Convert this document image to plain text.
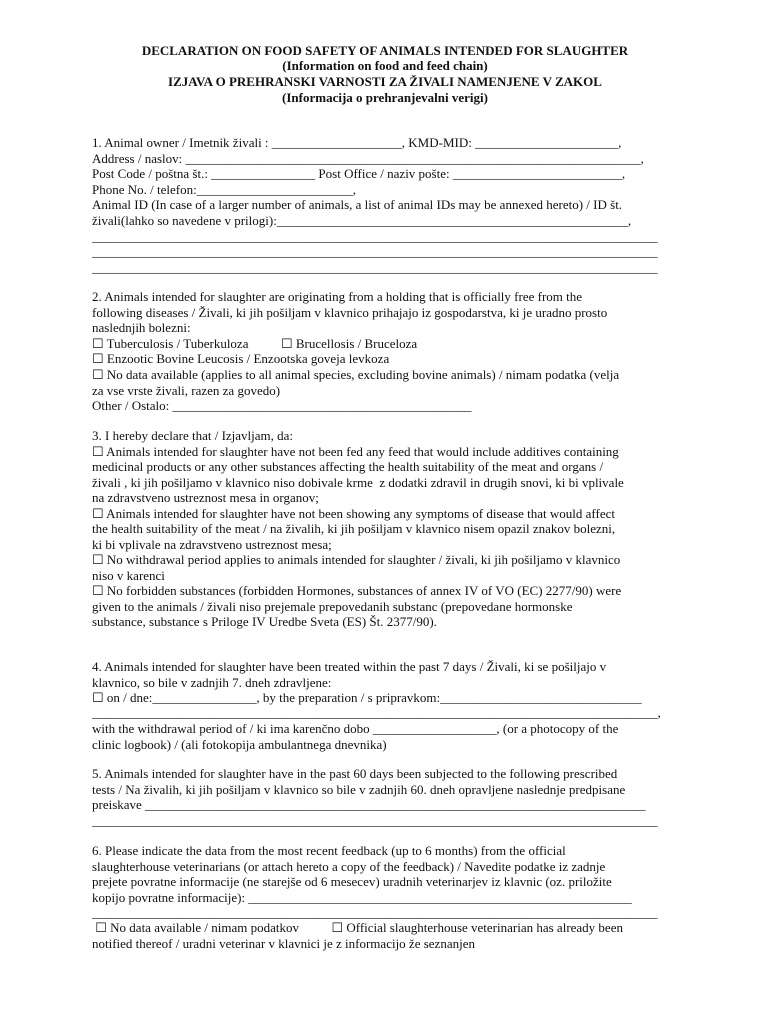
DECLARATION ON FOOD SAFETY OF ANIMALS INTENDED FOR SLAUGHTER

(Information on food and feed chain)

IZJAVA O PREHRANSKI VARNOSTI ZA ŽIVALI NAMENJENE V ZAKOL

(Informacija o prehranjevalni verigi)

1. Animal owner / Imetnik živali : ____________________, KMD-MID: ______________________,

Address / naslov: ______________________________________________________________________,

Post Code / poštna št.: ________________ Post Office / naziv pošte: __________________________,

Phone No. / telefon:________________________,

Animal ID (In case of a larger number of animals, a list of animal IDs may be annexed hereto) / ID št.

živali(lahko so navedene v prilogi):______________________________________________________,

_______________________________________________________________________________________

_______________________________________________________________________________________

_______________________________________________________________________________________

2. Animals intended for slaughter are originating from a holding that is officially free from the

following diseases / Živali, ki jih pošiljam v klavnico prihajajo iz gospodarstva, ki je uradno prosto

naslednjih bolezni:

☐ Tuberculosis / Tuberkuloza          ☐ Brucellosis / Bruceloza

☐ Enzootic Bovine Leucosis / Enzootska goveja levkoza

☐ No data available (applies to all animal species, excluding bovine animals) / nimam podatka (velja

za vse vrste živali, razen za govedo)

Other / Ostalo: ______________________________________________

3. I hereby declare that / Izjavljam, da:

☐ Animals intended for slaughter have not been fed any feed that would include additives containing

medicinal products or any other substances affecting the health suitability of the meat and organs /

živali , ki jih pošiljamo v klavnico niso dobivale krme  z dodatki zdravil in drugih snovi, ki bi vplivale

na zdravstveno ustreznost mesa in organov;

☐ Animals intended for slaughter have not been showing any symptoms of disease that would affect

the health suitability of the meat / na živalih, ki jih pošiljam v klavnico nisem opazil znakov bolezni,

ki bi vplivale na zdravstveno ustreznost mesa;

☐ No withdrawal period applies to animals intended for slaughter / živali, ki jih pošiljamo v klavnico

niso v karenci

☐ No forbidden substances (forbidden Hormones, substances of annex IV of VO (EC) 2277/90) were

given to the animals / živali niso prejemale prepovedanih substanc (prepovedane hormonske

substance, substance s Priloge IV Uredbe Sveta (ES) Št. 2377/90).

4. Animals intended for slaughter have been treated within the past 7 days / Živali, ki se pošiljajo v

klavnico, so bile v zadnjih 7. dneh zdravljene:

☐ on / dne:________________, by the preparation / s pripravkom:_______________________________

_______________________________________________________________________________________,

with the withdrawal period of / ki ima karenčno dobo ___________________, (or a photocopy of the

clinic logbook) / (ali fotokopija ambulantnega dnevnika)

5. Animals intended for slaughter have in the past 60 days been subjected to the following prescribed

tests / Na živalih, ki jih pošiljam v klavnico so bile v zadnjih 60. dneh opravljene naslednje predpisane

preiskave _____________________________________________________________________________

_______________________________________________________________________________________

6. Please indicate the data from the most recent feedback (up to 6 months) from the official

slaughterhouse veterinarians (or attach hereto a copy of the feedback) / Navedite podatke iz zadnje

prejete povratne informacije (ne starejše od 6 mesecev) uradnih veterinarjev iz klavnic (oz. priložite

kopijo povratne informacije): ___________________________________________________________

_______________________________________________________________________________________

☐ No data available / nimam podatkov          ☐ Official slaughterhouse veterinarian has already been

notified thereof / uradni veterinar v klavnici je z informacijo že seznanjen
